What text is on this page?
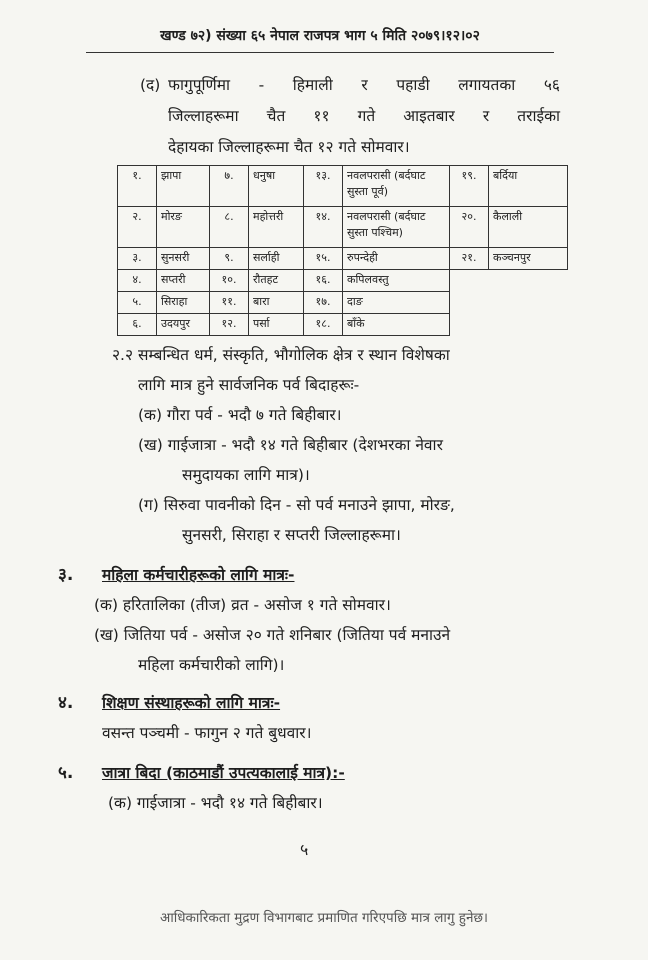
खण्ड ७२) संख्या ६५ नेपाल राजपत्र भाग ५ मिति २०७९।१२।०२
(द) फागुपूर्णिमा - हिमाली र पहाडी लगायतका ५६
जिल्लाहरूमा चैत ११ गते आइतबार र तराईका
देहायका जिल्लाहरूमा चैत १२ गते सोमवार।
१.	झापा	७.	धनुषा	१३.	नवलपरासी (बर्दघाट सुस्ता पूर्व)	१९.	बर्दिया
२.	मोरङ	८.	महोत्तरी	१४.	नवलपरासी (बर्दघाट सुस्ता पश्चिम)	२०.	कैलाली
३.	सुनसरी	९.	सर्लाही	१५.	रुपन्देही	२१.	कञ्चनपुर
४.	सप्तरी	१०.	रौतहट	१६.	कपिलवस्तु		
५.	सिराहा	११.	बारा	१७.	दाङ		
६.	उदयपुर	१२.	पर्सा	१८.	बाँके		
२.२ सम्बन्धित धर्म, संस्कृति, भौगोलिक क्षेत्र र स्थान विशेषका
लागि मात्र हुने सार्वजनिक पर्व बिदाहरूः-
(क) गौरा पर्व - भदौ ७ गते बिहीबार।
(ख) गाईजात्रा - भदौ १४ गते बिहीबार (देशभरका नेवार
समुदायका लागि मात्र)।
(ग) सिरुवा पावनीको दिन - सो पर्व मनाउने झापा, मोरङ,
सुनसरी, सिराहा र सप्तरी जिल्लाहरूमा।
३. महिला कर्मचारीहरूको लागि मात्रः-
(क) हरितालिका (तीज) व्रत - असोज १ गते सोमवार।
(ख) जितिया पर्व - असोज २० गते शनिबार (जितिया पर्व मनाउने
महिला कर्मचारीको लागि)।
४. शिक्षण संस्थाहरूको लागि मात्रः-
वसन्त पञ्चमी - फागुन २ गते बुधवार।
५. जात्रा बिदा (काठमाडौं उपत्यकालाई मात्र):-
(क) गाईजात्रा - भदौ १४ गते बिहीबार।
५
आधिकारिकता मुद्रण विभागबाट प्रमाणित गरिएपछि मात्र लागु हुनेछ।
